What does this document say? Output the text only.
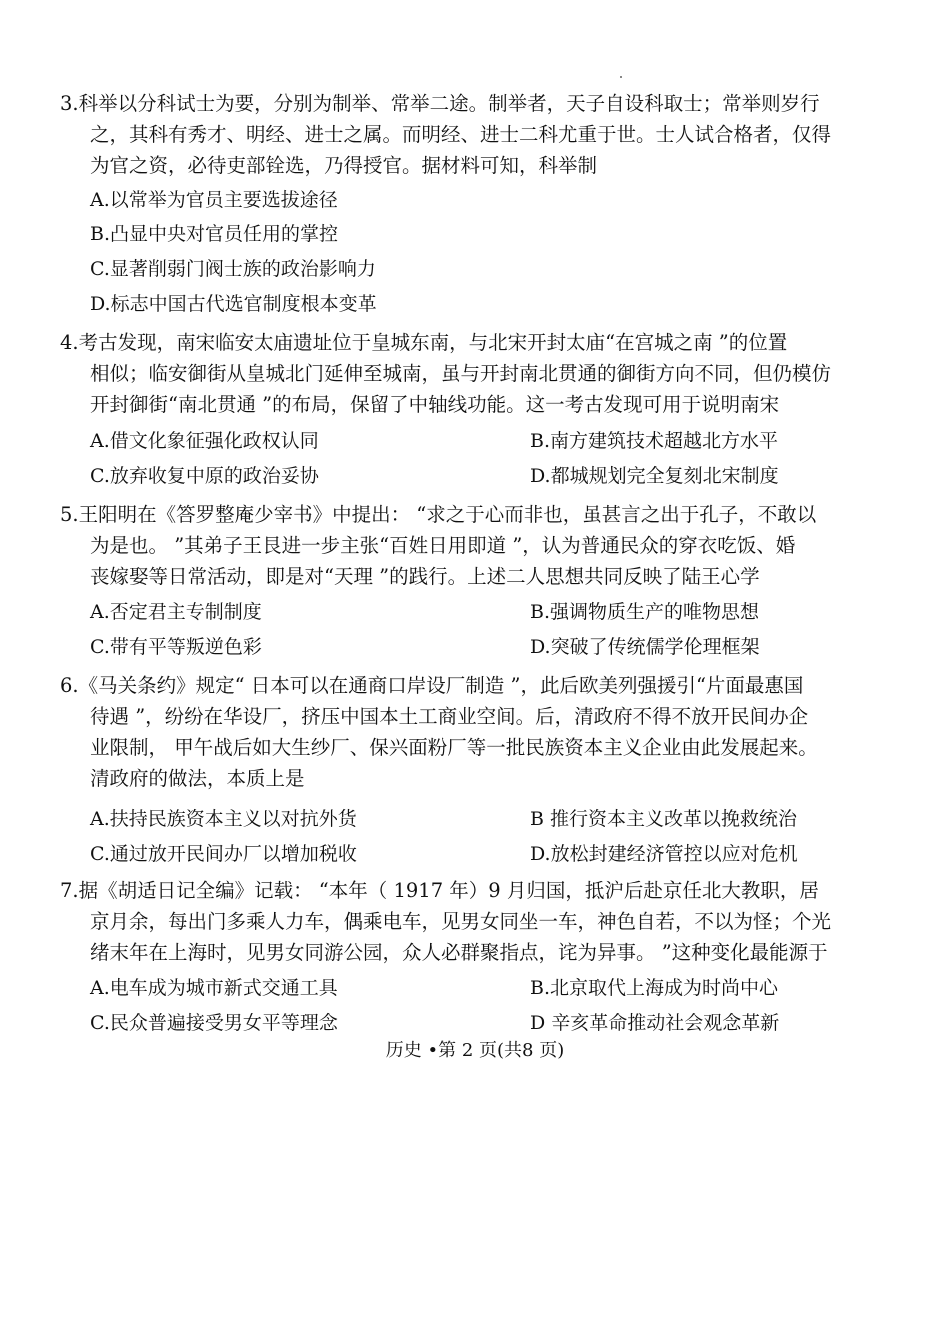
3.科举以分科试士为要，分别为制举、常举二途。制举者，天子自设科取士；常举则岁行
之，其科有秀才、明经、进士之属。而明经、进士二科尤重于世。士人试合格者，仅得
为官之资，必待吏部铨选，乃得授官。据材料可知，科举制
A.以常举为官员主要选拔途径
B.凸显中央对官员任用的掌控
C.显著削弱门阀士族的政治影响力
D.标志中国古代选官制度根本变革
4.考古发现，南宋临安太庙遗址位于皇城东南，与北宋开封太庙“在宫城之南 ”的位置
相似；临安御街从皇城北门延伸至城南，虽与开封南北贯通的御街方向不同，但仍模仿
开封御街“南北贯通 ”的布局，保留了中轴线功能。这一考古发现可用于说明南宋
A.借文化象征强化政权认同	B.南方建筑技术超越北方水平
C.放弃收复中原的政治妥协	D.都城规划完全复刻北宋制度
5.王阳明在《答罗整庵少宰书》中提出： “求之于心而非也，虽甚言之出于孔子，不敢以
为是也。 ”其弟子王艮进一步主张“百姓日用即道 ”，认为普通民众的穿衣吃饭、婚
丧嫁娶等日常活动，即是对“天理 ”的践行。上述二人思想共同反映了陆王心学
A.否定君主专制制度	B.强调物质生产的唯物思想
C.带有平等叛逆色彩	D.突破了传统儒学伦理框架
6.《马关条约》规定“ 日本可以在通商口岸设厂制造 ”，此后欧美列强援引“片面最惠国
待遇 ”，纷纷在华设厂，挤压中国本土工商业空间。后，清政府不得不放开民间办企
业限制， 甲午战后如大生纱厂、保兴面粉厂等一批民族资本主义企业由此发展起来。
清政府的做法，本质上是
A.扶持民族资本主义以对抗外货	B 推行资本主义改革以挽救统治
C.通过放开民间办厂以增加税收	D.放松封建经济管控以应对危机
7.据《胡适日记全编》记载： “本年（ 1917 年）9 月归国，抵沪后赴京任北大教职，居
京月余，每出门多乘人力车，偶乘电车，见男女同坐一车，神色自若，不以为怪；个光
绪末年在上海时，见男女同游公园，众人必群聚指点，诧为异事。 ”这种变化最能源于
A.电车成为城市新式交通工具	B.北京取代上海成为时尚中心
C.民众普遍接受男女平等理念	D 辛亥革命推动社会观念革新
历史 •第 2 页(共8 页)
